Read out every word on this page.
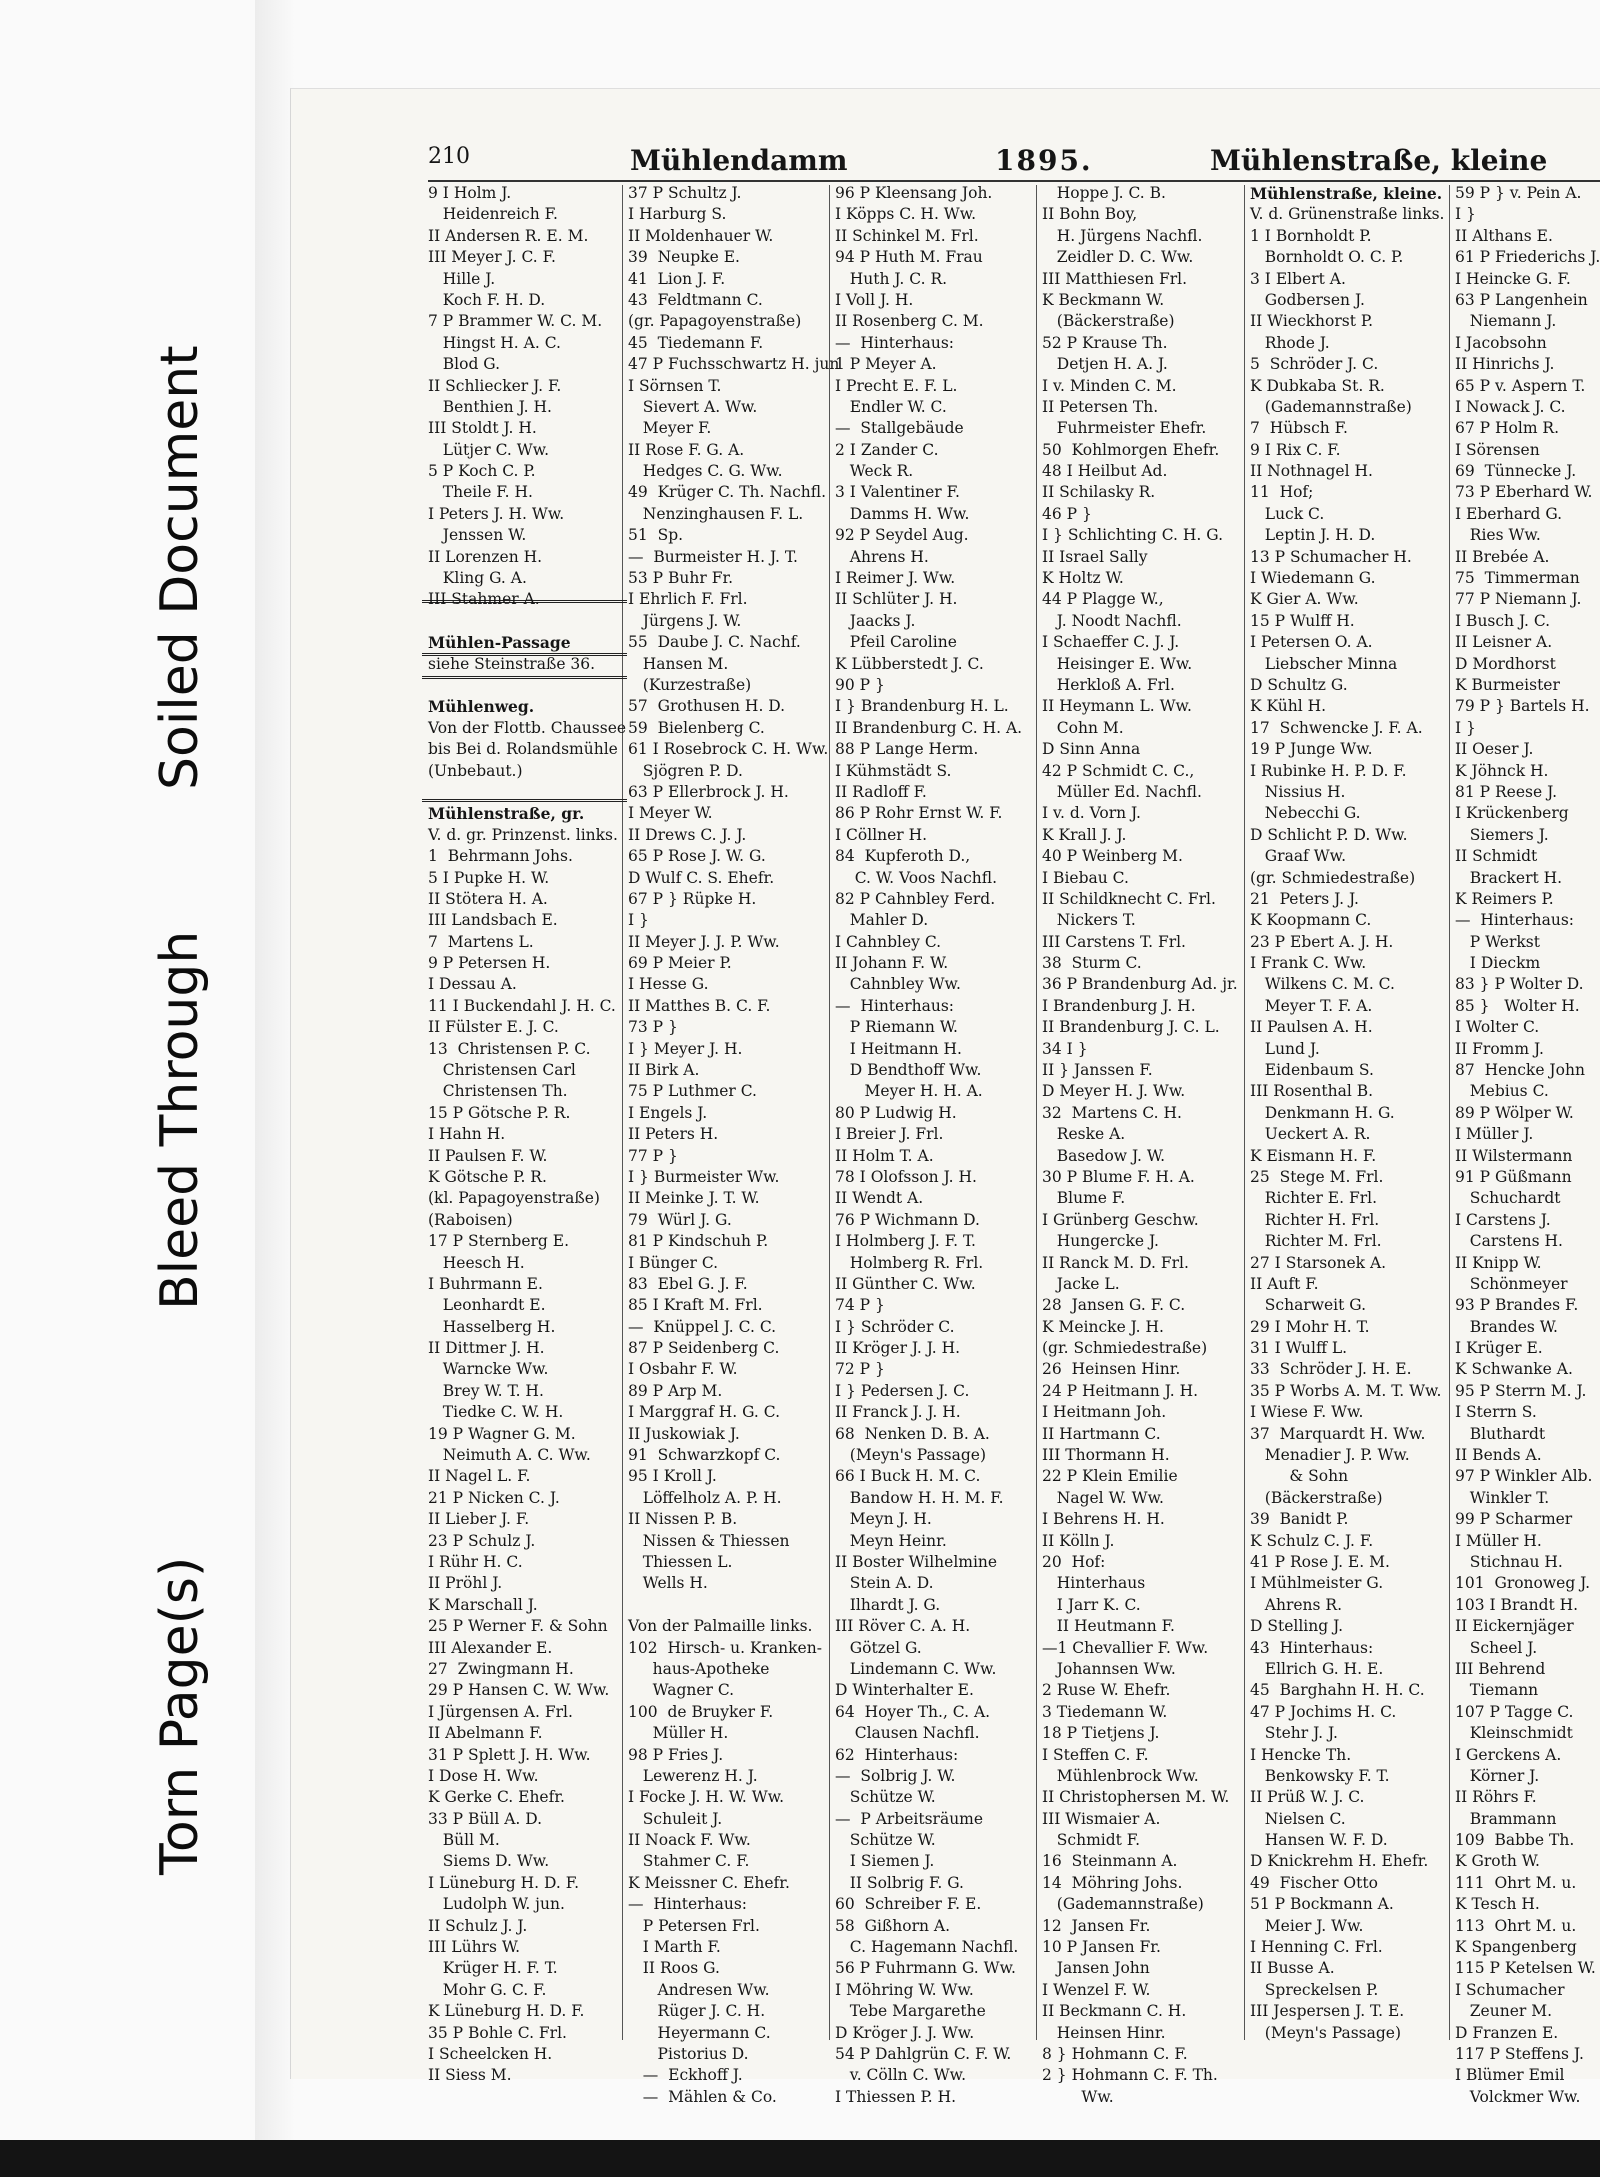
Bleed Through
Soiled Document
Torn Page(s)
210	Mühlendamm	1895.	Mühlenstraße, kleine
9 I Holm J.
Heidenreich F.
II Andersen R. E. M.
III Meyer J. C. F.
Hille J.
Koch F. H. D.
7 P Brammer W. C. M.
Hingst H. A. C.
Blod G.
II Schliecker J. F.
Benthien J. H.
III Stoldt J. H.
Lütjer C. Ww.
5 P Koch C. P.
Theile F. H.
I Peters J. H. Ww.
Jenssen W.
II Lorenzen H.
Kling G. A.
III Stahmer A.
Mühlen-Passage
siehe Steinstraße 36.
Mühlenweg.
Von der Flottb. Chaussee
bis Bei d. Rolandsmühle
(Unbebaut.)
Mühlenstraße, gr.
V. d. gr. Prinzenst. links.
1  Behrmann Johs.
5 I Pupke H. W.
II Stötera H. A.
III Landsbach E.
7  Martens L.
9 P Petersen H.
I Dessau A.
11 I Buckendahl J. H. C.
II Fülster E. J. C.
13  Christensen P. C.
Christensen Carl
Christensen Th.
15 P Götsche P. R.
I Hahn H.
II Paulsen F. W.
K Götsche P. R.
(kl. Papagoyenstraße)
(Raboisen)
17 P Sternberg E.
Heesch H.
I Buhrmann E.
Leonhardt E.
Hasselberg H.
II Dittmer J. H.
Warncke Ww.
Brey W. T. H.
Tiedke C. W. H.
19 P Wagner G. M.
Neimuth A. C. Ww.
II Nagel L. F.
21 P Nicken C. J.
II Lieber J. F.
23 P Schulz J.
I Rühr H. C.
II Pröhl J.
K Marschall J.
25 P Werner F. & Sohn
III Alexander E.
27  Zwingmann H.
29 P Hansen C. W. Ww.
I Jürgensen A. Frl.
II Abelmann F.
31 P Splett J. H. Ww.
I Dose H. Ww.
K Gerke C. Ehefr.
33 P Büll A. D.
Büll M.
Siems D. Ww.
I Lüneburg H. D. F.
Ludolph W. jun.
II Schulz J. J.
III Lührs W.
Krüger H. F. T.
Mohr G. C. F.
K Lüneburg H. D. F.
35 P Bohle C. Frl.
I Scheelcken H.
II Siess M.
37 P Schultz J.
I Harburg S.
II Moldenhauer W.
39  Neupke E.
41  Lion J. F.
43  Feldtmann C.
(gr. Papagoyenstraße)
45  Tiedemann F.
47 P Fuchsschwartz H. jun
I Sörnsen T.
Sievert A. Ww.
Meyer F.
II Rose F. G. A.
Hedges C. G. Ww.
49  Krüger C. Th. Nachfl.
Nenzinghausen F. L.
51  Sp.
—  Burmeister H. J. T.
53 P Buhr Fr.
I Ehrlich F. Frl.
Jürgens J. W.
55  Daube J. C. Nachf.
Hansen M.
(Kurzestraße)
57  Grothusen H. D.
59  Bielenberg C.
61 I Rosebrock C. H. Ww.
Sjögren P. D.
63 P Ellerbrock J. H.
I Meyer W.
II Drews C. J. J.
65 P Rose J. W. G.
D Wulf C. S. Ehefr.
67 P } Rüpke H.
I }
II Meyer J. J. P. Ww.
69 P Meier P.
I Hesse G.
II Matthes B. C. F.
73 P }
I } Meyer J. H.
II Birk A.
75 P Luthmer C.
I Engels J.
II Peters H.
77 P }
I } Burmeister Ww.
II Meinke J. T. W.
79  Würl J. G.
81 P Kindschuh P.
I Bünger C.
83  Ebel G. J. F.
85 I Kraft M. Frl.
—  Knüppel J. C. C.
87 P Seidenberg C.
I Osbahr F. W.
89 P Arp M.
I Marggraf H. G. C.
II Juskowiak J.
91  Schwarzkopf C.
95 I Kroll J.
Löffelholz A. P. H.
II Nissen P. B.
Nissen & Thiessen
Thiessen L.
Wells H.
Von der Palmaille links.
102  Hirsch- u. Kranken-
haus-Apotheke
Wagner C.
100  de Bruyker F.
Müller H.
98 P Fries J.
Lewerenz H. J.
I Focke J. H. W. Ww.
Schuleit J.
II Noack F. Ww.
Stahmer C. F.
K Meissner C. Ehefr.
—  Hinterhaus:
P Petersen Frl.
I Marth F.
II Roos G.
Andresen Ww.
Rüger J. C. H.
Heyermann C.
Pistorius D.
—  Eckhoff J.
—  Mählen & Co.
96 P Kleensang Joh.
I Köpps C. H. Ww.
II Schinkel M. Frl.
94 P Huth M. Frau
Huth J. C. R.
I Voll J. H.
II Rosenberg C. M.
—  Hinterhaus:
1 P Meyer A.
I Precht E. F. L.
Endler W. C.
—  Stallgebäude
2 I Zander C.
Weck R.
3 I Valentiner F.
Damms H. Ww.
92 P Seydel Aug.
Ahrens H.
I Reimer J. Ww.
II Schlüter J. H.
Jaacks J.
Pfeil Caroline
K Lübberstedt J. C.
90 P }
I } Brandenburg H. L.
II Brandenburg C. H. A.
88 P Lange Herm.
I Kühmstädt S.
II Radloff F.
86 P Rohr Ernst W. F.
I Cöllner H.
84  Kupferoth D.,
C. W. Voos Nachfl.
82 P Cahnbley Ferd.
Mahler D.
I Cahnbley C.
II Johann F. W.
Cahnbley Ww.
—  Hinterhaus:
P Riemann W.
I Heitmann H.
D Bendthoff Ww.
Meyer H. H. A.
80 P Ludwig H.
I Breier J. Frl.
II Holm T. A.
78 I Olofsson J. H.
II Wendt A.
76 P Wichmann D.
I Holmberg J. F. T.
Holmberg R. Frl.
II Günther C. Ww.
74 P }
I } Schröder C.
II Kröger J. J. H.
72 P }
I } Pedersen J. C.
II Franck J. J. H.
68  Nenken D. B. A.
(Meyn's Passage)
66 I Buck H. M. C.
Bandow H. H. M. F.
Meyn J. H.
Meyn Heinr.
II Boster Wilhelmine
Stein A. D.
Ilhardt J. G.
III Röver C. A. H.
Götzel G.
Lindemann C. Ww.
D Winterhalter E.
64  Hoyer Th., C. A.
Clausen Nachfl.
62  Hinterhaus:
—  Solbrig J. W.
Schütze W.
—  P Arbeitsräume
Schütze W.
I Siemen J.
II Solbrig F. G.
60  Schreiber F. E.
58  Gißhorn A.
C. Hagemann Nachfl.
56 P Fuhrmann G. Ww.
I Möhring W. Ww.
Tebe Margarethe
D Kröger J. J. Ww.
54 P Dahlgrün C. F. W.
v. Cölln C. Ww.
I Thiessen P. H.
Hoppe J. C. B.
II Bohn Boy,
H. Jürgens Nachfl.
Zeidler D. C. Ww.
III Matthiesen Frl.
K Beckmann W.
(Bäckerstraße)
52 P Krause Th.
Detjen H. A. J.
I v. Minden C. M.
II Petersen Th.
Fuhrmeister Ehefr.
50  Kohlmorgen Ehefr.
48 I Heilbut Ad.
II Schilasky R.
46 P }
I } Schlichting C. H. G.
II Israel Sally
K Holtz W.
44 P Plagge W.,
J. Noodt Nachfl.
I Schaeffer C. J. J.
Heisinger E. Ww.
Herkloß A. Frl.
II Heymann L. Ww.
Cohn M.
D Sinn Anna
42 P Schmidt C. C.,
Müller Ed. Nachfl.
I v. d. Vorn J.
K Krall J. J.
40 P Weinberg M.
I Biebau C.
II Schildknecht C. Frl.
Nickers T.
III Carstens T. Frl.
38  Sturm C.
36 P Brandenburg Ad. jr.
I Brandenburg J. H.
II Brandenburg J. C. L.
34 I }
II } Janssen F.
D Meyer H. J. Ww.
32  Martens C. H.
Reske A.
Basedow J. W.
30 P Blume F. H. A.
Blume F.
I Grünberg Geschw.
Hungercke J.
II Ranck M. D. Frl.
Jacke L.
28  Jansen G. F. C.
K Meincke J. H.
(gr. Schmiedestraße)
26  Heinsen Hinr.
24 P Heitmann J. H.
I Heitmann Joh.
II Hartmann C.
III Thormann H.
22 P Klein Emilie
Nagel W. Ww.
I Behrens H. H.
II Kölln J.
20  Hof:
Hinterhaus
I Jarr K. C.
II Heutmann F.
—1 Chevallier F. Ww.
Johannsen Ww.
2 Ruse W. Ehefr.
3 Tiedemann W.
18 P Tietjens J.
I Steffen C. F.
Mühlenbrock Ww.
II Christophersen M. W.
III Wismaier A.
Schmidt F.
16  Steinmann A.
14  Möhring Johs.
(Gademannstraße)
12  Jansen Fr.
10 P Jansen Fr.
Jansen John
I Wenzel F. W.
II Beckmann C. H.
Heinsen Hinr.
8 } Hohmann C. F.
2 } Hohmann C. F. Th.
Ww.
Mühlenstraße, kleine.
V. d. Grünenstraße links.
1 I Bornholdt P.
Bornholdt O. C. P.
3 I Elbert A.
Godbersen J.
II Wieckhorst P.
Rhode J.
5  Schröder J. C.
K Dubkaba St. R.
(Gademannstraße)
7  Hübsch F.
9 I Rix C. F.
II Nothnagel H.
11  Hof;
Luck C.
Leptin J. H. D.
13 P Schumacher H.
I Wiedemann G.
K Gier A. Ww.
15 P Wulff H.
I Petersen O. A.
Liebscher Minna
D Schultz G.
K Kühl H.
17  Schwencke J. F. A.
19 P Junge Ww.
I Rubinke H. P. D. F.
Nissius H.
Nebecchi G.
D Schlicht P. D. Ww.
Graaf Ww.
(gr. Schmiedestraße)
21  Peters J. J.
K Koopmann C.
23 P Ebert A. J. H.
I Frank C. Ww.
Wilkens C. M. C.
Meyer T. F. A.
II Paulsen A. H.
Lund J.
Eidenbaum S.
III Rosenthal B.
Denkmann H. G.
Ueckert A. R.
K Eismann H. F.
25  Stege M. Frl.
Richter E. Frl.
Richter H. Frl.
Richter M. Frl.
27 I Starsonek A.
II Auft F.
Scharweit G.
29 I Mohr H. T.
31 I Wulff L.
33  Schröder J. H. E.
35 P Worbs A. M. T. Ww.
I Wiese F. Ww.
37  Marquardt H. Ww.
Menadier J. P. Ww.
& Sohn
(Bäckerstraße)
39  Banidt P.
K Schulz C. J. F.
41 P Rose J. E. M.
I Mühlmeister G.
Ahrens R.
D Stelling J.
43  Hinterhaus:
Ellrich G. H. E.
45  Barghahn H. H. C.
47 P Jochims H. C.
Stehr J. J.
I Hencke Th.
Benkowsky F. T.
II Prüß W. J. C.
Nielsen C.
Hansen W. F. D.
D Knickrehm H. Ehefr.
49  Fischer Otto
51 P Bockmann A.
Meier J. Ww.
I Henning C. Frl.
II Busse A.
Spreckelsen P.
III Jespersen J. T. E.
(Meyn's Passage)
59 P } v. Pein A.
I }
II Althans E.
61 P Friederichs J.
I Heincke G. F.
63 P Langenhein
Niemann J.
I Jacobsohn
II Hinrichs J.
65 P v. Aspern T.
I Nowack J. C.
67 P Holm R.
I Sörensen
69  Tünnecke J.
73 P Eberhard W.
I Eberhard G.
Ries Ww.
II Brebée A.
75  Timmerman
77 P Niemann J.
I Busch J. C.
II Leisner A.
D Mordhorst
K Burmeister
79 P } Bartels H.
I }
II Oeser J.
K Jöhnck H.
81 P Reese J.
I Krückenberg
Siemers J.
II Schmidt
Brackert H.
K Reimers P.
—  Hinterhaus:
P Werkst
I Dieckm
83 } P Wolter D.
85 }   Wolter H.
I Wolter C.
II Fromm J.
87  Hencke John
Mebius C.
89 P Wölper W.
I Müller J.
II Wilstermann
91 P Güßmann
Schuchardt
I Carstens J.
Carstens H.
II Knipp W.
Schönmeyer
93 P Brandes F.
Brandes W.
I Krüger E.
K Schwanke A.
95 P Sterrn M. J.
I Sterrn S.
Bluthardt
II Bends A.
97 P Winkler Alb.
Winkler T.
99 P Scharmer
I Müller H.
Stichnau H.
101  Gronoweg J.
103 I Brandt H.
II Eickernjäger
Scheel J.
III Behrend
Tiemann
107 P Tagge C.
Kleinschmidt
I Gerckens A.
Körner J.
II Röhrs F.
Brammann
109  Babbe Th.
K Groth W.
111  Ohrt M. u.
K Tesch H.
113  Ohrt M. u.
K Spangenberg
115 P Ketelsen W.
I Schumacher
Zeuner M.
D Franzen E.
117 P Steffens J.
I Blümer Emil
Volckmer Ww.
